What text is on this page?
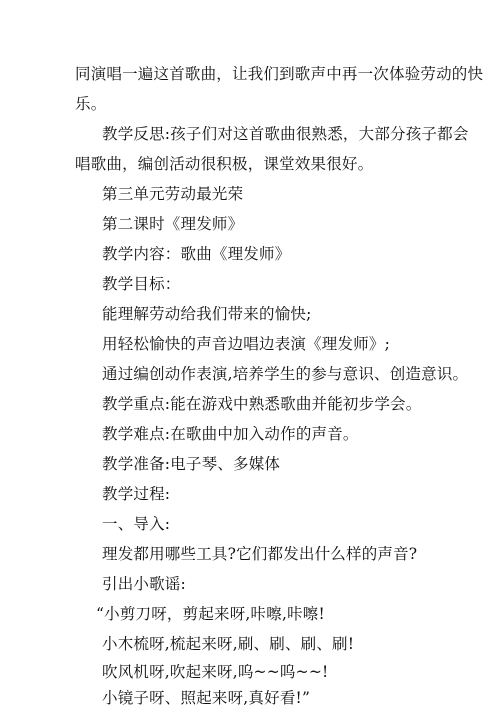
同演唱一遍这首歌曲，让我们到歌声中再一次体验劳动的快
乐。
教学反思:孩子们对这首歌曲很熟悉，大部分孩子都会
唱歌曲，编创活动很积极，课堂效果很好。
第三单元劳动最光荣
第二课时《理发师》
教学内容：歌曲《理发师》
教学目标：
能理解劳动给我们带来的愉快;
用轻松愉快的声音边唱边表演《理发师》;
通过编创动作表演,培养学生的参与意识、创造意识。
教学重点:能在游戏中熟悉歌曲并能初步学会。
教学难点:在歌曲中加入动作的声音。
教学准备:电子琴、多媒体
教学过程:
一、导入:
理发都用哪些工具?它们都发出什么样的声音?
引出小歌谣:
“小剪刀呀，剪起来呀,咔嚓,咔嚓!
小木梳呀,梳起来呀,刷、刷、刷、刷!
吹风机呀,吹起来呀,呜~~呜~~!
小镜子呀、照起来呀,真好看!”
